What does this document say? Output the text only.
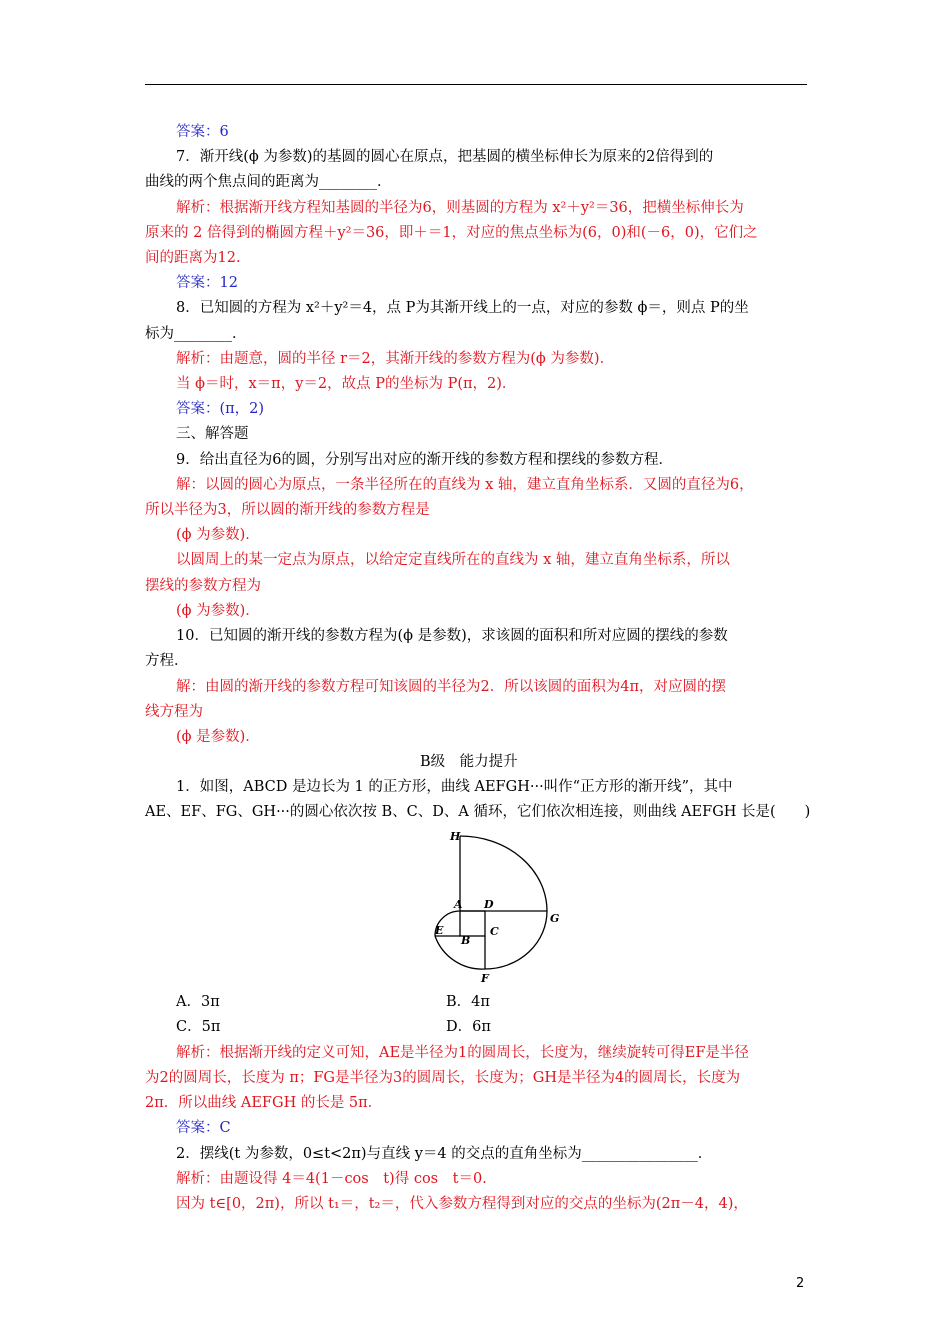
答案：6
7．渐开线(ϕ 为参数)的基圆的圆心在原点，把基圆的横坐标伸长为原来的2倍得到的
曲线的两个焦点间的距离为________．
解析：根据渐开线方程知基圆的半径为6，则基圆的方程为 x²＋y²＝36，把横坐标伸长为
原来的 2 倍得到的椭圆方程＋y²＝36，即＋＝1，对应的焦点坐标为(6，0)和(－6，0)，它们之
间的距离为12.
答案：12
8．已知圆的方程为 x²＋y²＝4，点 P为其渐开线上的一点，对应的参数 ϕ＝，则点 P的坐
标为________．
解析：由题意，圆的半径 r＝2，其渐开线的参数方程为(ϕ 为参数)．
当 ϕ＝时，x＝π，y＝2，故点 P的坐标为 P(π，2)．
答案：(π，2)
三、解答题
9．给出直径为6的圆，分别写出对应的渐开线的参数方程和摆线的参数方程．
解：以圆的圆心为原点，一条半径所在的直线为 x 轴，建立直角坐标系．又圆的直径为6，
所以半径为3，所以圆的渐开线的参数方程是
(ϕ 为参数)．
以圆周上的某一定点为原点，以给定定直线所在的直线为 x 轴，建立直角坐标系，所以
摆线的参数方程为
(ϕ 为参数)．
10．已知圆的渐开线的参数方程为(ϕ 是参数)，求该圆的面积和所对应圆的摆线的参数
方程．
解：由圆的渐开线的参数方程可知该圆的半径为2．所以该圆的面积为4π，对应圆的摆
线方程为
(ϕ 是参数)．
B级　能力提升
1．如图，ABCD 是边长为 1 的正方形，曲线 AEFGH···叫作“正方形的渐开线”，其中
AE、EF、FG、GH···的圆心依次按 B、C、D、A 循环，它们依次相连接，则曲线 AEFGH 长是(　　)
A．3π	B．4π
C．5π	D．6π
解析：根据渐开线的定义可知，AE是半径为1的圆周长，长度为，继续旋转可得EF是半径
为2的圆周长，长度为 π；FG是半径为3的圆周长，长度为；GH是半径为4的圆周长，长度为
2π．所以曲线 AEFGH 的长是 5π．
答案：C
2．摆线(t 为参数，0≤t<2π)与直线 y＝4 的交点的直角坐标为________________．
解析：由题设得 4＝4(1－cos　t)得 cos　t＝0.
因为 t∈[0，2π)，所以 t₁＝，t₂＝，代入参数方程得到对应的交点的坐标为(2π－4，4)，
H
A D
G
E
B
C
F
2
